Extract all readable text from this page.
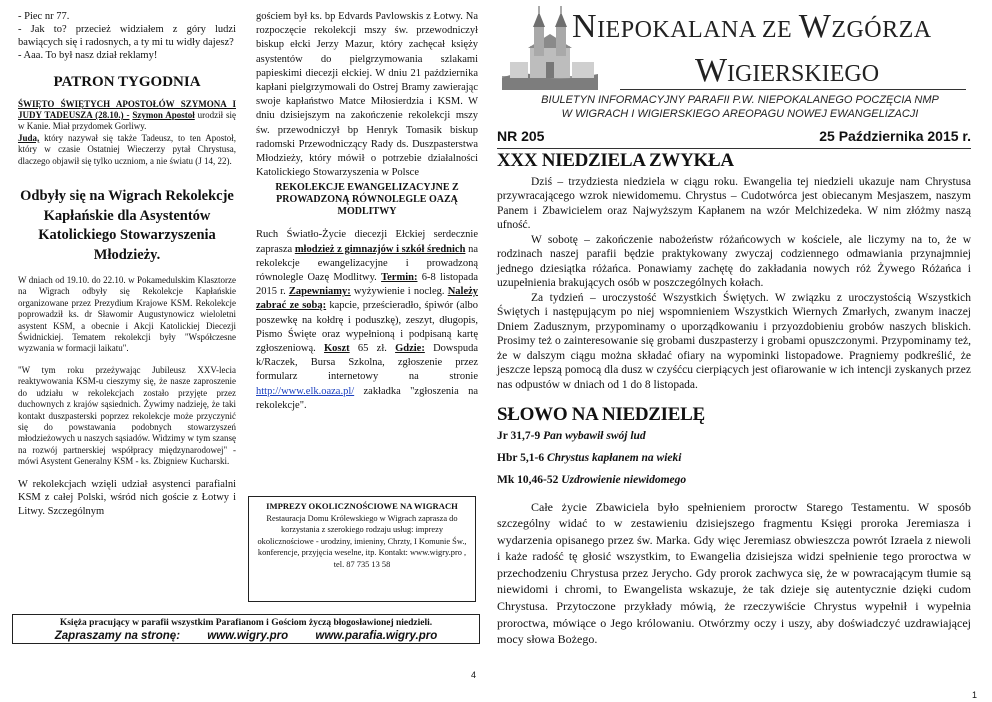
- Piec nr 77.

- Jak to? przecież widziałem z góry ludzi bawiących się i radosnych, a ty mi tu widły dajesz?

- Aaa. To był nasz dział reklamy!

PATRON TYGODNIA

ŚWIĘTO ŚWIĘTYCH APOSTOŁÓW SZYMONA I JUDY TADEUSZA (28.10.) - Szymon Apostoł urodził się w Kanie. Miał przydomek Gorliwy.

Juda, który nazywał się także Tadeusz, to ten Apostoł, który w czasie Ostatniej Wieczerzy pytał Chrystusa, dlaczego objawił się tylko uczniom, a nie światu (J 14, 22).

Odbyły się na Wigrach Rekolekcje Kapłańskie dla Asystentów Katolickiego Stowarzyszenia Młodzieży.

W dniach od 19.10. do 22.10. w Pokamedulskim Klasztorze na Wigrach odbyły się Rekolekcje Kapłańskie organizowane przez Prezydium Krajowe KSM. Rekolekcje poprowadził ks. dr Sławomir Augustynowicz wieloletni asystent KSM, a obecnie i Akcji Katolickiej Diecezji Świdnickiej. Tematem rekolekcji były "Współczesne wyzwania w formacji laikatu".

"W tym roku przeżywając Jubileusz XXV-lecia reaktywowania KSM-u cieszymy się, że nasze zaproszenie do udziału w rekolekcjach zostało przyjęte przez duchownych z krajów sąsiednich. Żywimy nadzieję, że taki kontakt duszpasterski poprzez rekolekcje może przyczynić się do powstawania podobnych stowarzyszeń młodzieżowych u naszych sąsiadów. Widzimy w tym szansę na rozwój partnerskiej współpracy międzynarodowej" - mówi Asystent Generalny KSM - ks. Zbigniew Kucharski.

W rekolekcjach wzięli udział asystenci parafialni KSM z całej Polski, wśród nich goście z Łotwy i Litwy. Szczególnym

gościem był ks. bp Edvards Pavlowskis z Łotwy. Na rozpoczęcie rekolekcji mszy św. przewodniczył biskup ełcki Jerzy Mazur, który zachęcał księży asystentów do pielgrzymowania szlakami papieskimi diecezji ełckiej. W dniu 21 października kapłani pielgrzymowali do Ostrej Bramy zawierając swoje kapłaństwo Matce Miłosierdzia i KSM. W dniu dzisiejszym na zakończenie rekolekcji mszy św. przewodniczył bp Henryk Tomasik biskup radomski Przewodniczący Rady ds. Duszpasterstwa Młodzieży, który mówił o potrzebie działalności Katolickiego Stowarzyszenia w Polsce

REKOLEKCJE EWANGELIZACYJNE Z PROWADZONĄ RÓWNOLEGLE OAZĄ MODLITWY

Ruch Światło-Życie diecezji Ełckiej serdecznie zaprasza młodzież z gimnazjów i szkół średnich na rekolekcje ewangelizacyjne i prowadzoną równolegle Oazę Modlitwy. Termin: 6-8 listopada 2015 r. Zapewniamy: wyżywienie i nocleg. Należy zabrać ze sobą: kapcie, prześcieradło, śpiwór (albo poszewkę na kołdrę i poduszkę), zeszyt, długopis, Pismo Święte oraz wypełnioną i podpisaną kartę zgłoszeniową. Koszt 65 zł. Gdzie: Dowspuda k/Raczek, Bursa Szkolna, zgłoszenie przez formularz internetowy na stronie http://www.elk.oaza.pl/ zakładka "zgłoszenia na rekolekcje".

IMPREZY OKOLICZNOŚCIOWE NA WIGRACH
Restauracja Domu Królewskiego w Wigrach zaprasza do korzystania z szerokiego rodzaju usług: imprezy okolicznościowe - urodziny, imieniny, Chrzty, I Komunie Św., konferencje, przyjęcia weselne, itp. Kontakt: www.wigry.pro , tel. 87 735 13 58
Księża pracujący w parafii wszystkim Parafianom i Gościom życzą błogosławionej niedzieli.
Zapraszamy na stronę: www.wigry.pro www.parafia.wigry.pro
4
1
NIEPOKALANA ZE WZGÓRZA
WIGIERSKIEGO
BIULETYN INFORMACYJNY PARAFII P.W. NIEPOKALANEGO POCZĘCIA NMP
W WIGRACH I WIGIERSKIEGO AREOPAGU NOWEJ EWANGELIZACJI
NR 205	25 Października 2015 r.
XXX NIEDZIELA ZWYKŁA

Dziś – trzydziesta niedziela w ciągu roku. Ewangelia tej niedzieli ukazuje nam Chrystusa przywracającego wzrok niewidomemu. Chrystus – Cudotwórca jest obiecanym Mesjaszem, naszym Panem i Zbawicielem oraz Najwyższym Kapłanem na wzór Melchizedeka. W nim złóżmy naszą ufność.

W sobotę – zakończenie nabożeństw różańcowych w kościele, ale liczymy na to, że w rodzinach naszej parafii będzie praktykowany zwyczaj codziennego odmawiania przynajmniej jednego dziesiątka różańca. Ponawiamy zachętę do zakładania nowych róż Żywego Różańca i uzupełnienia brakujących osób w poszczególnych kołach.

Za tydzień – uroczystość Wszystkich Świętych. W związku z uroczystością Wszystkich Świętych i następującym po niej wspomnieniem Wszystkich Wiernych Zmarłych, zwanym inaczej Dniem Zadusznym, przypominamy o uporządkowaniu i przyozdobieniu grobów naszych bliskich. Prosimy też o zainteresowanie się grobami duszpasterzy i grobami opuszczonymi. Przypominamy też, że w dalszym ciągu można składać ofiary na wypominki listopadowe. Pragniemy podkreślić, że jeszcze lepszą pomocą dla dusz w czyśćcu cierpiących jest ofiarowanie w ich intencji zyskanych przez nas odpustów w dniach od 1 do 8 listopada.

SŁOWO NA NIEDZIELĘ
Jr 31,7-9 Pan wybawił swój lud
Hbr 5,1-6 Chrystus kapłanem na wieki
Mk 10,46-52 Uzdrowienie niewidomego

Całe życie Zbawiciela było spełnieniem proroctw Starego Testamentu. W sposób szczególny widać to w zestawieniu dzisiejszego fragmentu Księgi proroka Jeremiasza i wydarzenia opisanego przez św. Marka. Gdy więc Jeremiasz obwieszcza powrót Izraela z niewoli i każe radość tę głosić wszystkim, to Ewangelia dzisiejsza widzi spełnienie tego proroctwa w przechodzeniu Chrystusa przez Jerycho. Gdy prorok zachwyca się, że w powracającym tłumie są niewidomi i chromi, to Ewangelista wskazuje, że tak dzieje się autentycznie dzięki cudom Chrystusa. Przytoczone przykłady mówią, że rzeczywiście Chrystus wypełnił i wypełnia proroctwa, mówiące o Jego królowaniu. Otwórzmy oczy i uszy, aby doświadczyć uzdrawiającej mocy słowa Bożego.
